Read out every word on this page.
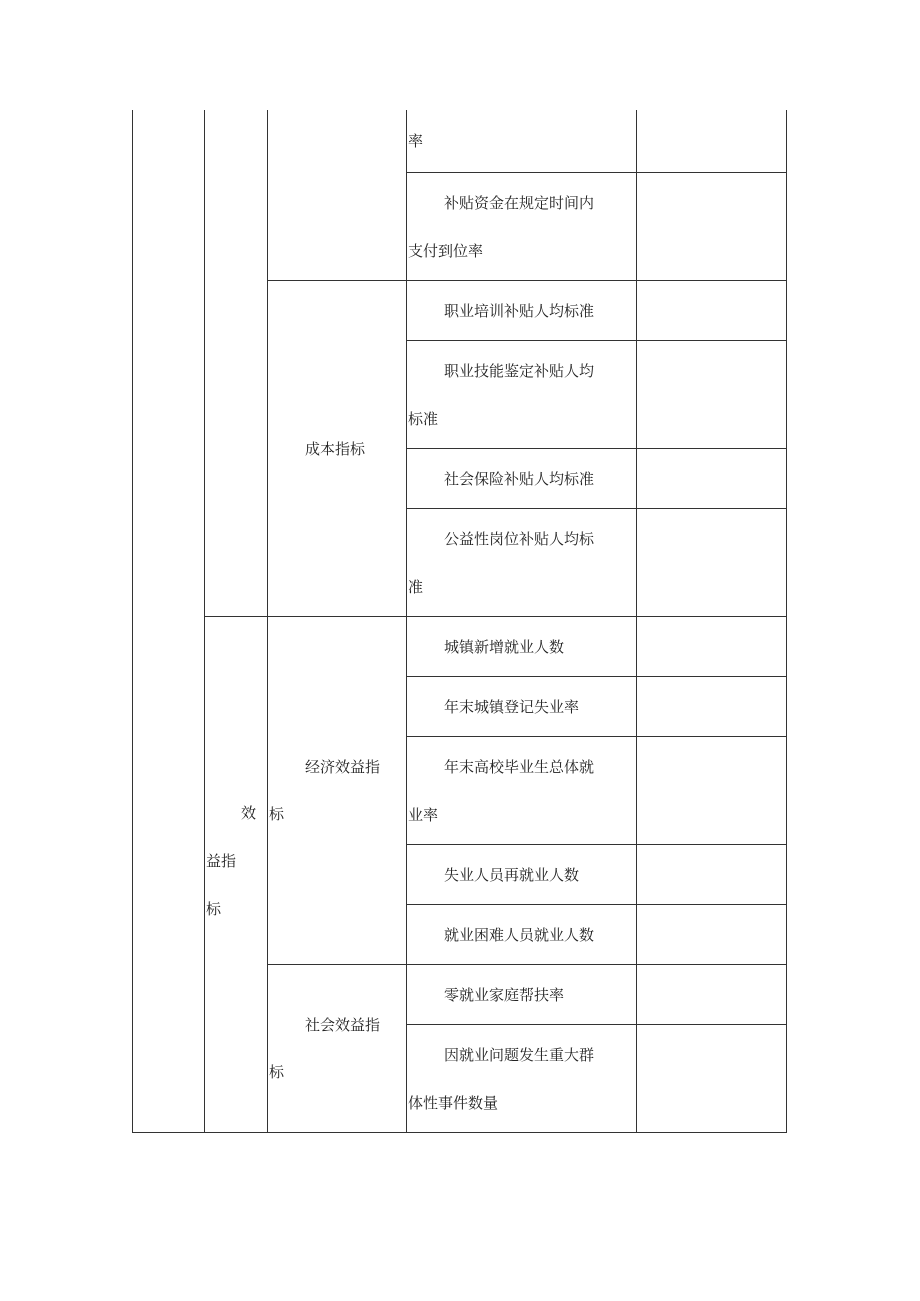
效
益指
标
成本指标
经济效益指
标
社会效益指
标
率
补贴资金在规定时间内
支付到位率
职业培训补贴人均标准
职业技能鉴定补贴人均
标准
社会保险补贴人均标准
公益性岗位补贴人均标
准
城镇新增就业人数
年末城镇登记失业率
年末高校毕业生总体就
业率
失业人员再就业人数
就业困难人员就业人数
零就业家庭帮扶率
因就业问题发生重大群
体性事件数量
